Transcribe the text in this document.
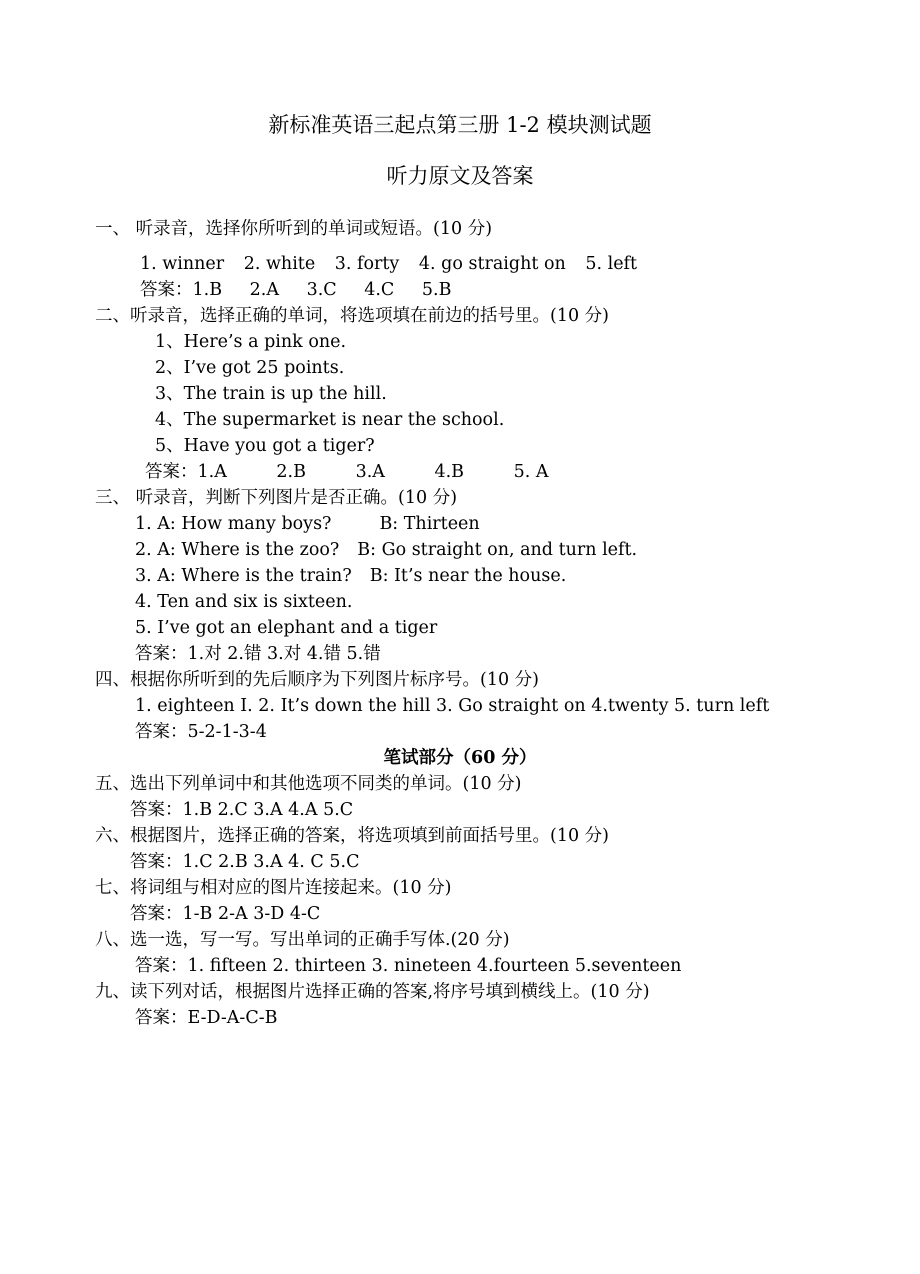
新标准英语三起点第三册 1-2 模块测试题
听力原文及答案
一、 听录音，选择你所听到的单词或短语。(10 分)
1. winner 2. white 3. forty 4. go straight on 5. left
答案：1.B 2.A 3.C 4.C 5.B
二、听录音，选择正确的单词，将选项填在前边的括号里。(10 分)
1、Here’s a pink one.
2、I’ve got 25 points.
3、The train is up the hill.
4、The supermarket is near the school.
5、Have you got a tiger?
答案：1.A	2.B	3.A	4.B	5. A
三、 听录音，判断下列图片是否正确。(10 分)
1. A: How many boys?	B: Thirteen
2. A: Where is the zoo? B: Go straight on, and turn left.
3. A: Where is the train? B: It’s near the house.
4. Ten and six is sixteen.
5. I’ve got an elephant and a tiger
答案：1.对 2.错 3.对 4.错 5.错
四、根据你所听到的先后顺序为下列图片标序号。(10 分)
1. eighteen I. 2. It’s down the hill 3. Go straight on 4.twenty 5. turn left
答案：5-2-1-3-4
笔试部分（60 分）
五、选出下列单词中和其他选项不同类的单词。(10 分)
答案：1.B 2.C 3.A 4.A 5.C
六、根据图片，选择正确的答案，将选项填到前面括号里。(10 分)
答案：1.C 2.B 3.A 4. C 5.C
七、将词组与相对应的图片连接起来。(10 分)
答案：1-B 2-A 3-D 4-C
八、选一选，写一写。写出单词的正确手写体.(20 分)
答案：1. fifteen 2. thirteen 3. nineteen 4.fourteen 5.seventeen
九、读下列对话，根据图片选择正确的答案,将序号填到横线上。(10 分)
答案：E-D-A-C-B
